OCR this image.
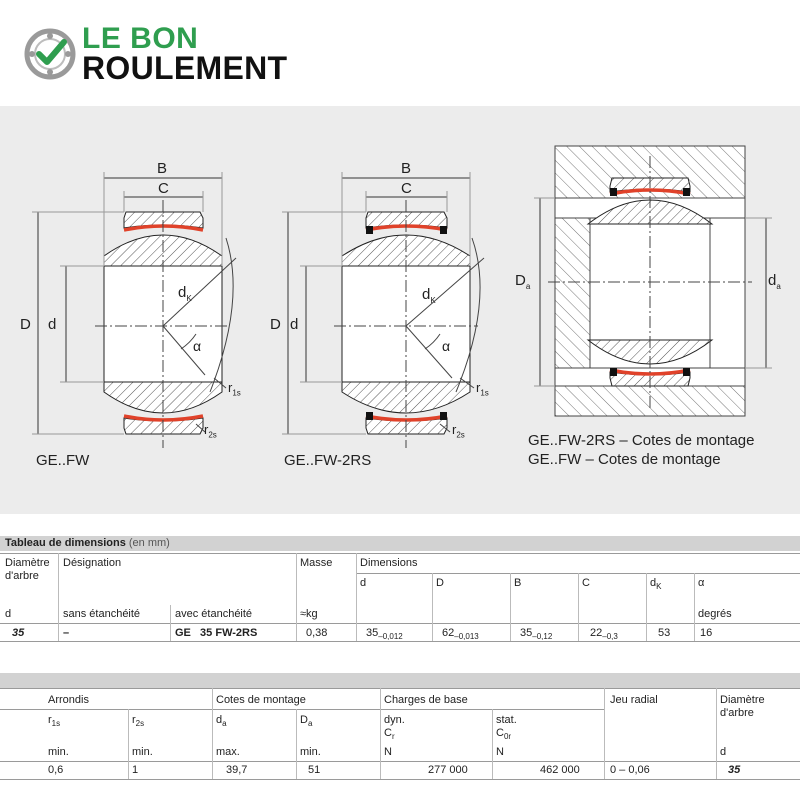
LE BON
ROULEMENT
B
C
D d
$d_K$
α
$r_{1s}$
$r_{2s}$
GE..FW
B
C
D d
$d_K$
α
$r_{1s}$
$r_{2s}$
GE..FW-2RS
$D_a$	$d_a$
GE..FW-2RS – Cotes de montage
GE..FW – Cotes de montage
Tableau de dimensions (en mm)
Diamètre d'arbre
Désignation	Masse	Dimensions
d	D	B	C	$d_K$	α
d	sans étanchéité	avec étanchéité	≈kg	degrés
35	–	GE   35 FW-2RS	0,38	$35_{-0,012}$	$62_{-0,013}$	$35_{-0,12}$	$22_{-0,3}$	53	16
Arrondis	Cotes de montage	Charges de base	Jeu radial	Diamètre d'arbre
$r_{1s}$	$r_{2s}$	$d_a$	$D_a$	dyn.
$C_r$
stat.
$C_{0r}$
min.	min.	max.	min.	N	N	d
0,6	1	39,7	51	277 000	462 000	0 – 0,06	35
